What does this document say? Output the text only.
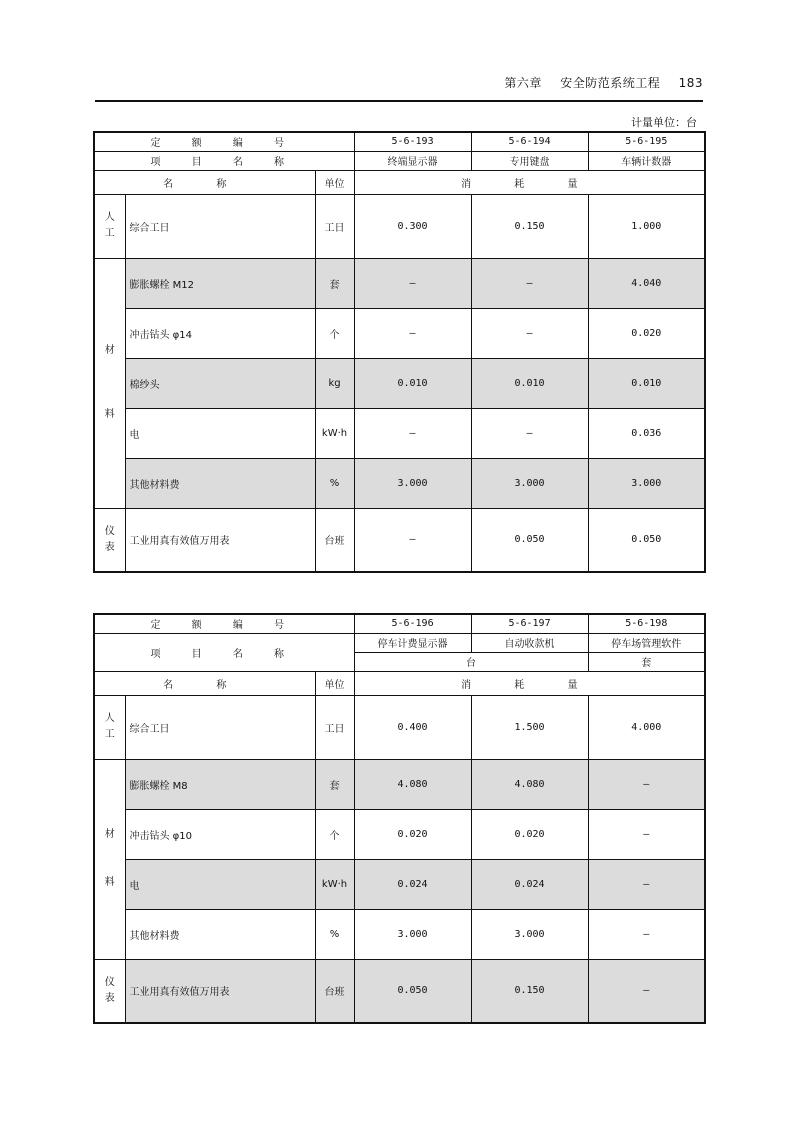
第六章 安全防范系统工程 183
计量单位：台
定 额 编 号			5-6-193	5-6-194	5-6-195
项 目 名 称			终端显示器	专用键盘	车辆计数器
名 称		单位	消 耗 量		
人
工	综合工日	工日	0.300	0.150	1.000
材

料	膨胀螺栓 M12	套	—	—	4.040
	冲击钻头 φ14	个	—	—	0.020
	棉纱头	kg	0.010	0.010	0.010
	电	kW·h	—	—	0.036
	其他材料费	%	3.000	3.000	3.000
仪
表	工业用真有效值万用表	台班	—	0.050	0.050
定 额 编 号			5-6-196	5-6-197	5-6-198
项 目 名 称			停车计费显示器	自动收款机	停车场管理软件
			台		套
名 称		单位	消 耗 量		
人
工	综合工日	工日	0.400	1.500	4.000
材

料	膨胀螺栓 M8	套	4.080	4.080	—
	冲击钻头 φ10	个	0.020	0.020	—
	电	kW·h	0.024	0.024	—
	其他材料费	%	3.000	3.000	—
仪
表	工业用真有效值万用表	台班	0.050	0.150	—
